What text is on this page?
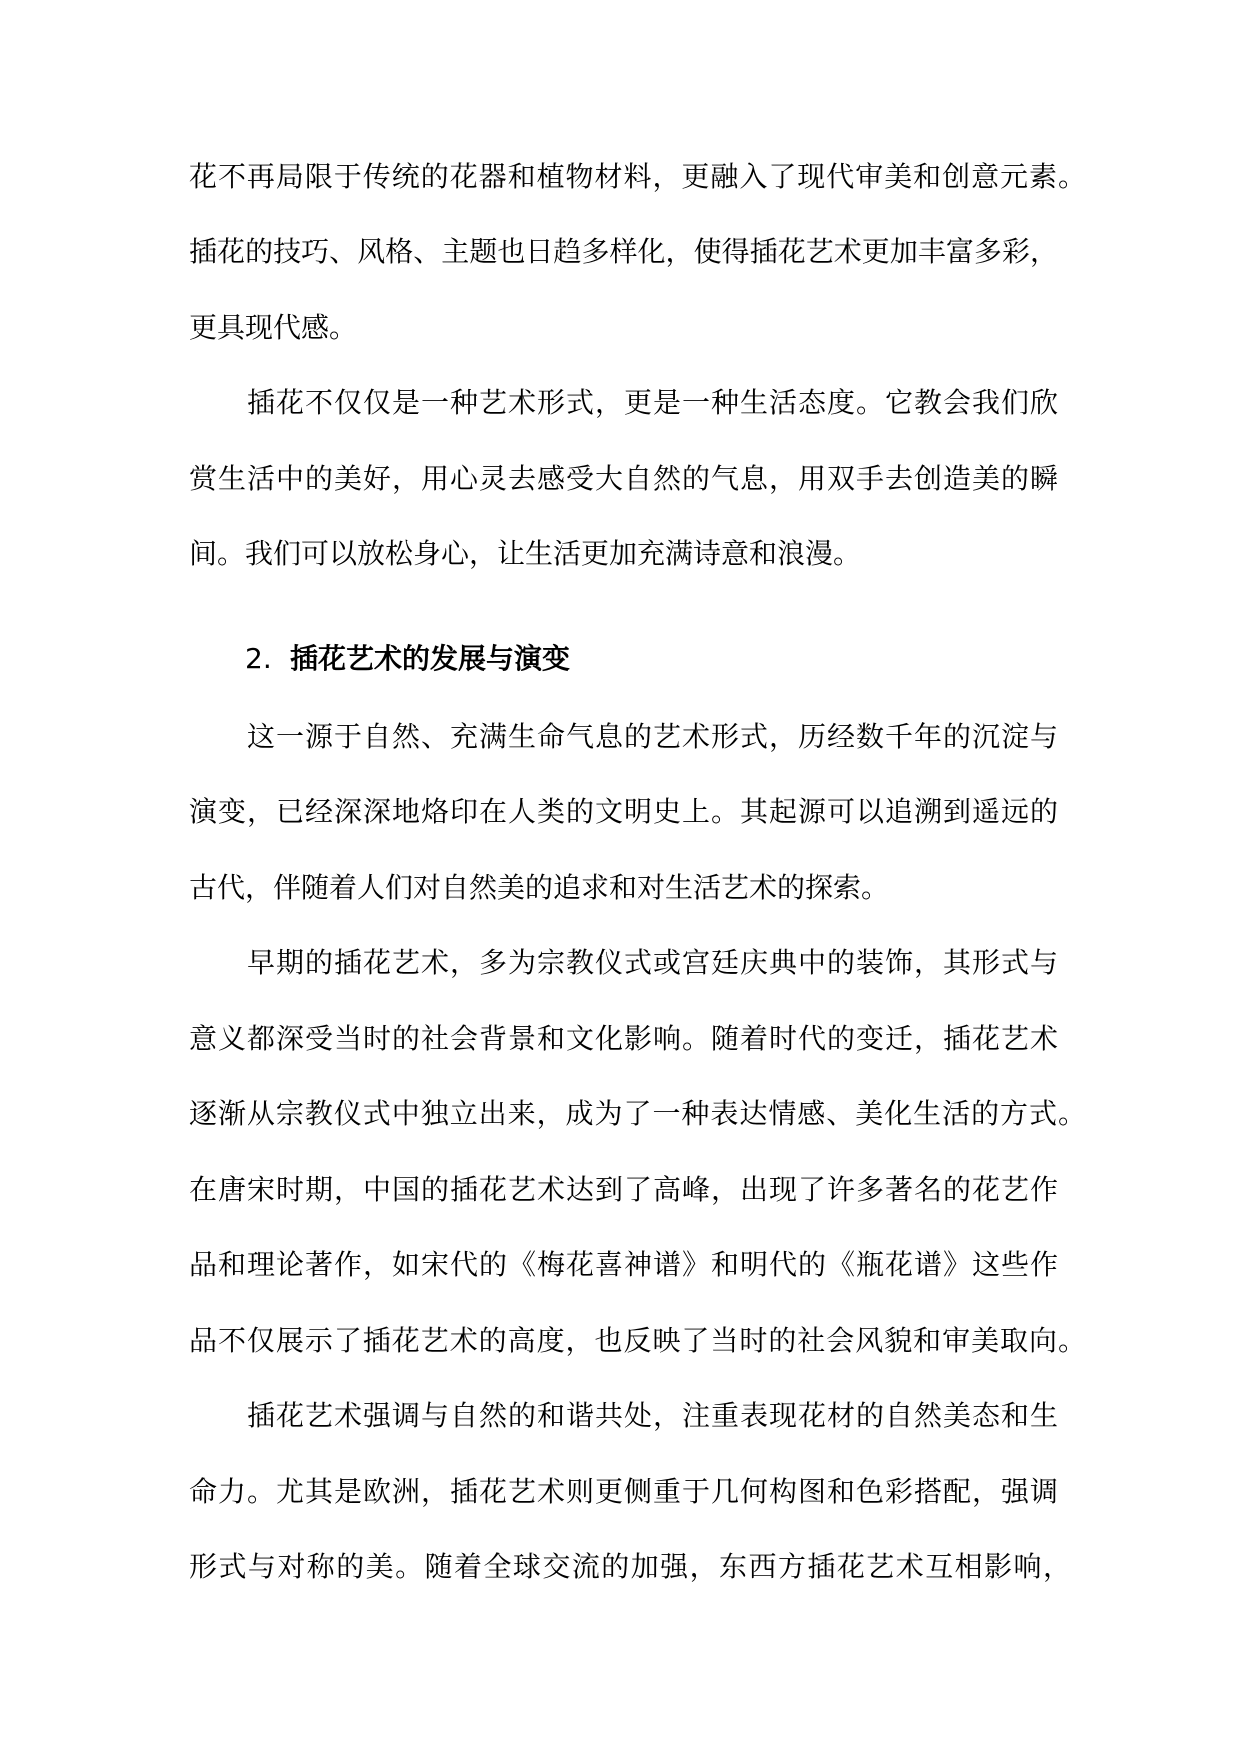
花不再局限于传统的花器和植物材料，更融入了现代审美和创意元素。
插花的技巧、风格、主题也日趋多样化，使得插花艺术更加丰富多彩，
更具现代感。
插花不仅仅是一种艺术形式，更是一种生活态度。它教会我们欣
赏生活中的美好，用心灵去感受大自然的气息，用双手去创造美的瞬
间。我们可以放松身心，让生活更加充满诗意和浪漫。
2. 插花艺术的发展与演变
这一源于自然、充满生命气息的艺术形式，历经数千年的沉淀与
演变，已经深深地烙印在人类的文明史上。其起源可以追溯到遥远的
古代，伴随着人们对自然美的追求和对生活艺术的探索。
早期的插花艺术，多为宗教仪式或宫廷庆典中的装饰，其形式与
意义都深受当时的社会背景和文化影响。随着时代的变迁，插花艺术
逐渐从宗教仪式中独立出来，成为了一种表达情感、美化生活的方式。
在唐宋时期，中国的插花艺术达到了高峰，出现了许多著名的花艺作
品和理论著作，如宋代的《梅花喜神谱》和明代的《瓶花谱》这些作
品不仅展示了插花艺术的高度，也反映了当时的社会风貌和审美取向。
插花艺术强调与自然的和谐共处，注重表现花材的自然美态和生
命力。尤其是欧洲，插花艺术则更侧重于几何构图和色彩搭配，强调
形式与对称的美。随着全球交流的加强，东西方插花艺术互相影响，
